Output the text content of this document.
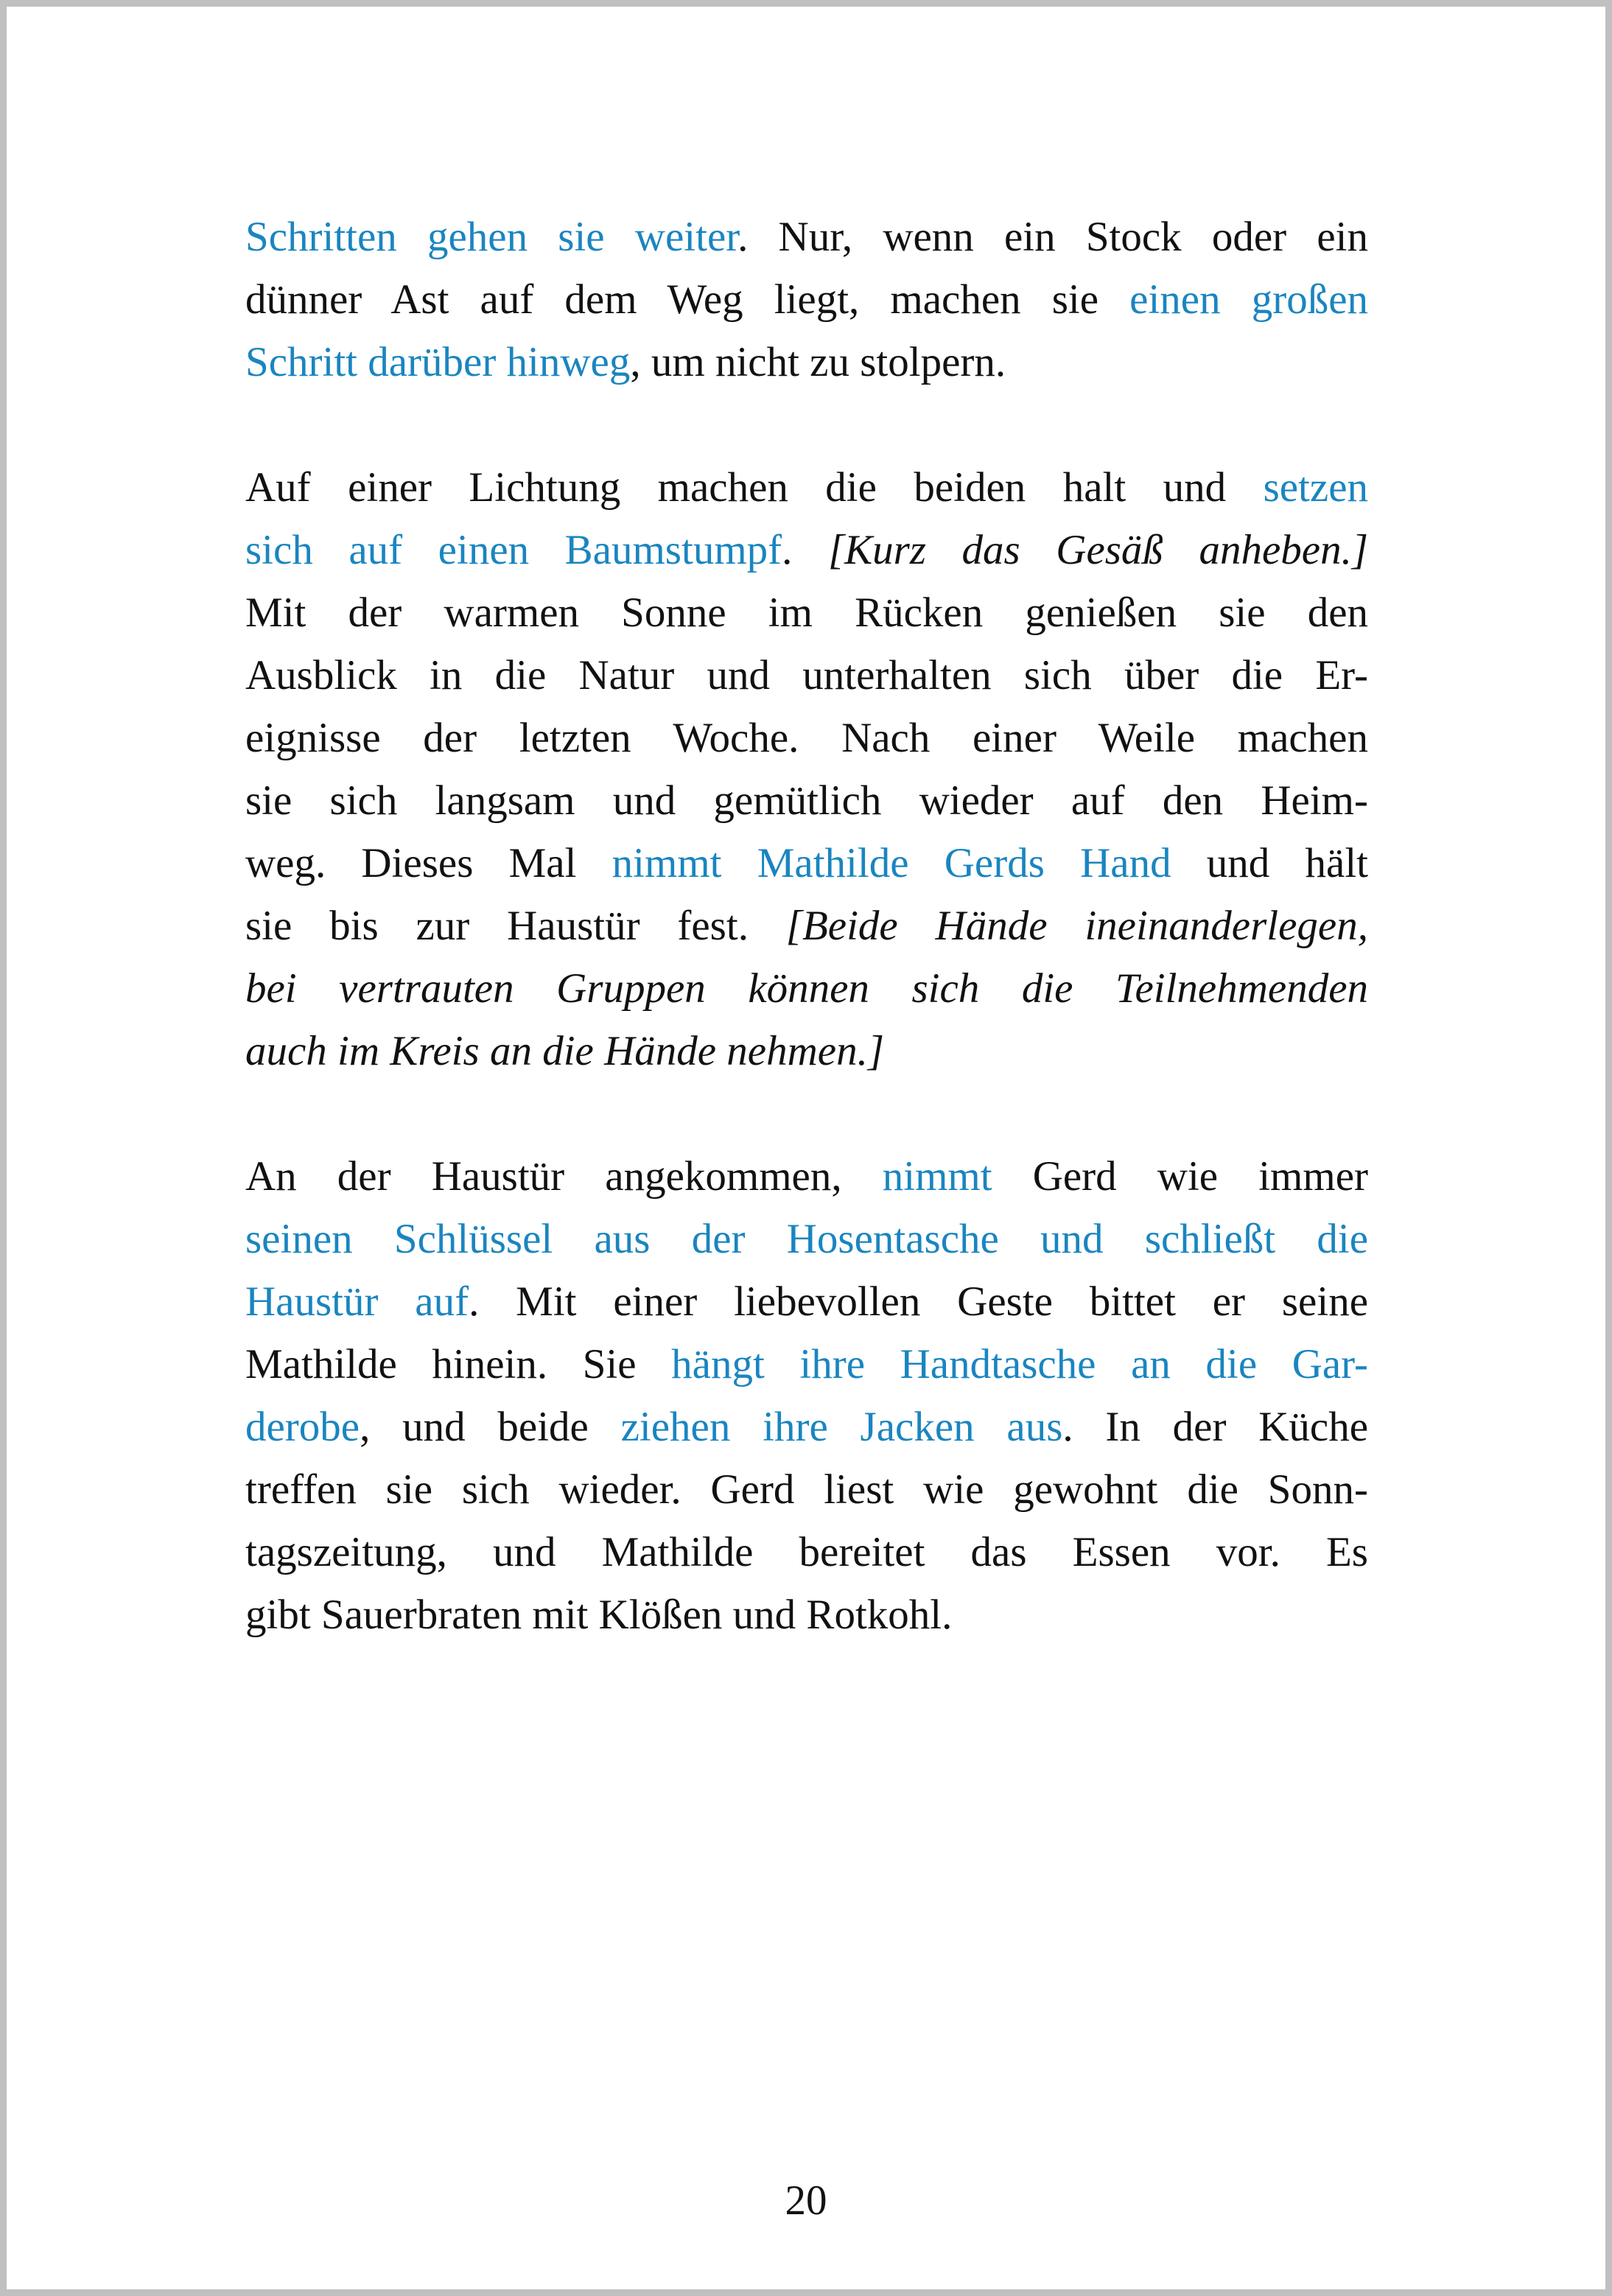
Schritten gehen sie weiter. Nur, wenn ein Stock oder ein
dünner Ast auf dem Weg liegt, machen sie einen großen
Schritt darüber hinweg, um nicht zu stolpern.
Auf einer Lichtung machen die beiden halt und setzen
sich auf einen Baumstumpf. [Kurz das Gesäß anheben.]
Mit der warmen Sonne im Rücken genießen sie den
Ausblick in die Natur und unterhalten sich über die Er-
eignisse der letzten Woche. Nach einer Weile machen
sie sich langsam und gemütlich wieder auf den Heim-
weg. Dieses Mal nimmt Mathilde Gerds Hand und hält
sie bis zur Haustür fest. [Beide Hände ineinanderlegen,
bei vertrauten Gruppen können sich die Teilnehmenden
auch im Kreis an die Hände nehmen.]
An der Haustür angekommen, nimmt Gerd wie immer
seinen Schlüssel aus der Hosentasche und schließt die
Haustür auf. Mit einer liebevollen Geste bittet er seine
Mathilde hinein. Sie hängt ihre Handtasche an die Gar-
derobe, und beide ziehen ihre Jacken aus. In der Küche
treffen sie sich wieder. Gerd liest wie gewohnt die Sonn-
tagszeitung, und Mathilde bereitet das Essen vor. Es
gibt Sauerbraten mit Klößen und Rotkohl.
20
